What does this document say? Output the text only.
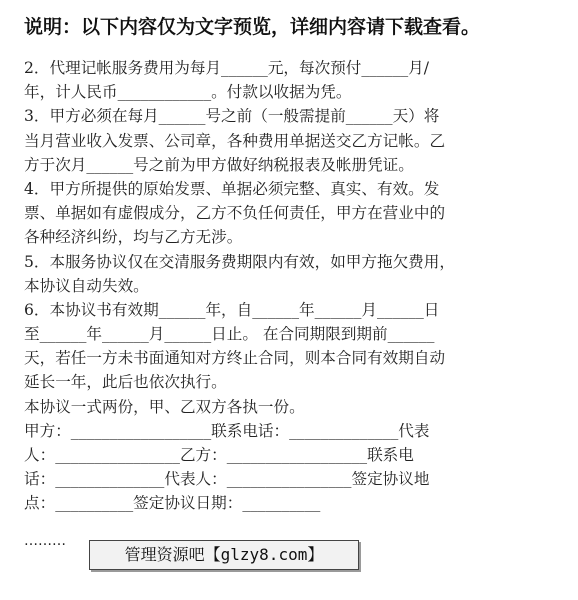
说明：以下内容仅为文字预览，详细内容请下载查看。
2．代理记帐服务费用为每月______元，每次预付______月/
年，计人民币____________。付款以收据为凭。
3．甲方必须在每月______号之前（一般需提前______天）将
当月营业收入发票、公司章，各种费用单据送交乙方记帐。乙
方于次月______号之前为甲方做好纳税报表及帐册凭证。
4．甲方所提供的原始发票、单据必须完整、真实、有效。发
票、单据如有虚假成分，乙方不负任何责任，甲方在营业中的
各种经济纠纷，均与乙方无涉。
5．本服务协议仅在交清服务费期限内有效，如甲方拖欠费用，
本协议自动失效。
6．本协议书有效期______年，自______年______月______日
至______年______月______日止。 在合同期限到期前______
天，若任一方未书面通知对方终止合同，则本合同有效期自动
延长一年，此后也依次执行。
本协议一式两份，甲、乙双方各执一份。
甲方：__________________联系电话：______________代表
人：________________乙方：__________________联系电
话：______________代表人：________________签定协议地
点：__________签定协议日期：__________
………
管理资源吧【glzy8.com】
